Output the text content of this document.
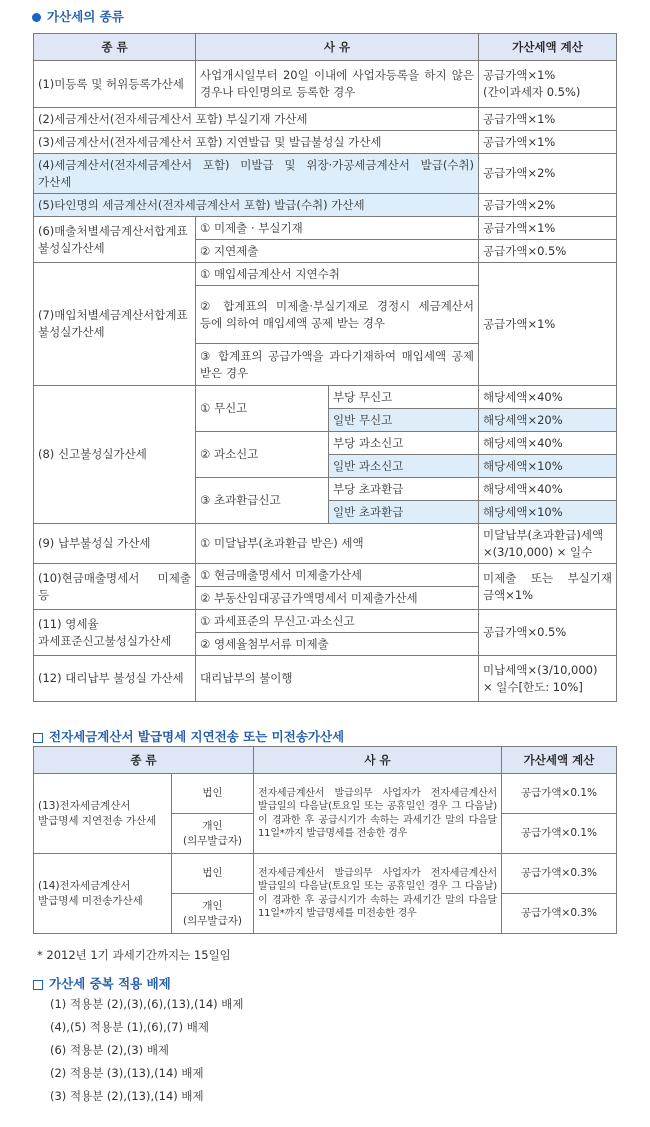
가산세의 종류
종 류	사 유		가산세액 계산
(1)미등록 및 허위등록가산세	사업개시일부터 20일 이내에 사업자등록을 하지 않은 경우나 타인명의로 등록한 경우		공급가액×1%
(간이과세자 0.5%)

(2)세금계산서(전자세금계산서 포함) 부실기재 가산세			공급가액×1%
(3)세금계산서(전자세금계산서 포함) 지연발급 및 발급불성실 가산세			공급가액×1%
(4)세금계산서(전자세금계산서 포함) 미발급 및 위장·가공세금계산서 발급(수취) 가산세			공급가액×2%
(5)타인명의 세금계산서(전자세금계산서 포함) 발급(수취) 가산세			공급가액×2%
(6)매출처별세금계산서합계표 불성실가산세	① 미제출 · 부실기재		공급가액×1%
	② 지연제출		공급가액×0.5%
(7)매입처별세금계산서합계표 불성실가산세	① 매입세금계산서 지연수취		공급가액×1%
	② 합계표의 미제출·부실기재로 경정시 세금계산서 등에 의하여 매입세액 공제 받는 경우		
	③ 합계표의 공급가액을 과다기재하여 매입세액 공제 받은 경우		
(8) 신고불성실가산세	① 무신고	부당 무신고	해당세액×40%
		일반 무신고	해당세액×20%
	② 과소신고	부당 과소신고	해당세액×40%
		일반 과소신고	해당세액×10%
	③ 초과환급신고	부당 초과환급	해당세액×40%
		일반 초과환급	해당세액×10%
(9) 납부불성실 가산세	① 미달납부(초과환급 받은) 세액		미달납부(초과환급)세액×(3/10,000) × 일수
(10)현금매출명세서 미제출 등	① 현금매출명세서 미제출가산세		미제출 또는 부실기재 금액×1%
	② 부동산임대공급가액명세서 미제출가산세		
(11) 영세율 과세표준신고불성실가산세	① 과세표준의 무신고·과소신고		공급가액×0.5%
	② 영세율첨부서류 미제출		
(12) 대리납부 불성실 가산세	대리납부의 불이행		미납세액×(3/10,000)
× 일수[한도: 10%]
전자세금계산서 발급명세 지연전송 또는 미전송가산세
종 류		사 유	가산세액 계산
(13)전자세금계산서 발급명세 지연전송 가산세	법인	전자세금계산서 발급의무 사업자가 전자세금계산서 발급일의 다음날(토요일 또는 공휴일인 경우 그 다음날)이 경과한 후 공급시기가 속하는 과세기간 말의 다음달 11일*까지 발급명세를 전송한 경우	공급가액×0.1%

	개인
(의무발급자)		공급가액×0.1%
(14)전자세금계산서 발급명세 미전송가산세	법인	전자세금계산서 발급의무 사업자가 전자세금계산서 발급일의 다음날(토요일 또는 공휴일인 경우 그 다음날)이 경과한 후 공급시기가 속하는 과세기간 말의 다음달 11일*까지 발급명세를 미전송한 경우	공급가액×0.3%

	개인
(의무발급자)		공급가액×0.3%
* 2012년 1기 과세기간까지는 15일임
가산세 중복 적용 배제
(1) 적용분 (2),(3),(6),(13),(14) 배제
(4),(5) 적용분 (1),(6),(7) 배제
(6) 적용분 (2),(3) 배제
(2) 적용분 (3),(13),(14) 배제
(3) 적용분 (2),(13),(14) 배제
